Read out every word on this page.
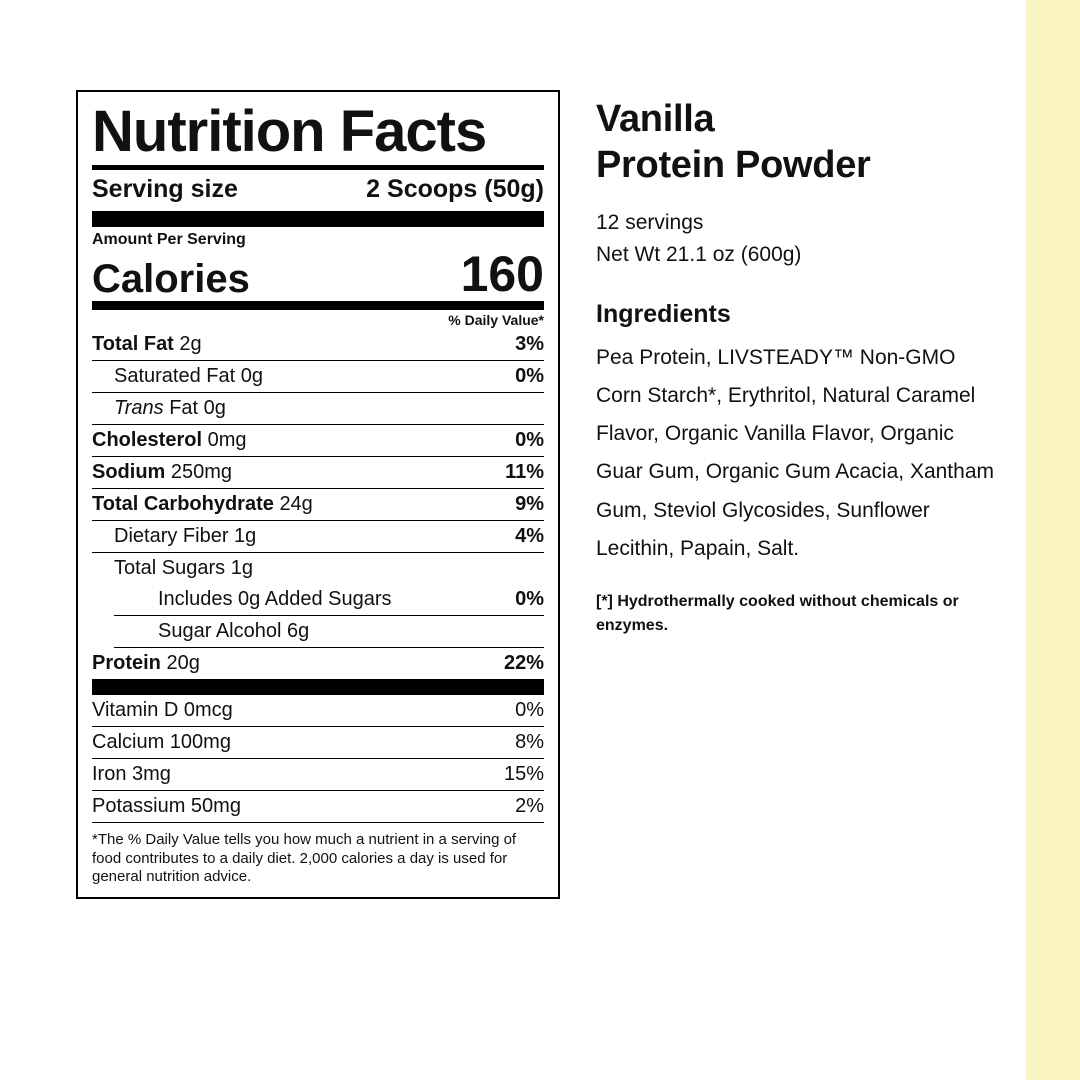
Nutrition Facts
Serving size	2 Scoops (50g)
Amount Per Serving
Calories	160
% Daily Value*
Total Fat 2g	3%
Saturated Fat 0g	0%
Trans Fat 0g
Cholesterol 0mg	0%
Sodium 250mg	11%
Total Carbohydrate 24g	9%
Dietary Fiber 1g	4%
Total Sugars 1g
Includes 0g Added Sugars	0%
Sugar Alcohol 6g
Protein 20g	22%
Vitamin D 0mcg	0%
Calcium 100mg	8%
Iron 3mg	15%
Potassium 50mg	2%
*The % Daily Value tells you how much a nutrient in a serving of food contributes to a daily diet. 2,000 calories a day is used for general nutrition advice.
Vanilla
Protein Powder
12 servings
Net Wt 21.1 oz (600g)
Ingredients
Pea Protein, LIVSTEADY™ Non-GMO Corn Starch*, Erythritol, Natural Caramel Flavor, Organic Vanilla Flavor, Organic Guar Gum, Organic Gum Acacia, Xantham Gum, Steviol Glycosides, Sunflower Lecithin, Papain, Salt.
[*] Hydrothermally cooked without chemicals or enzymes.
